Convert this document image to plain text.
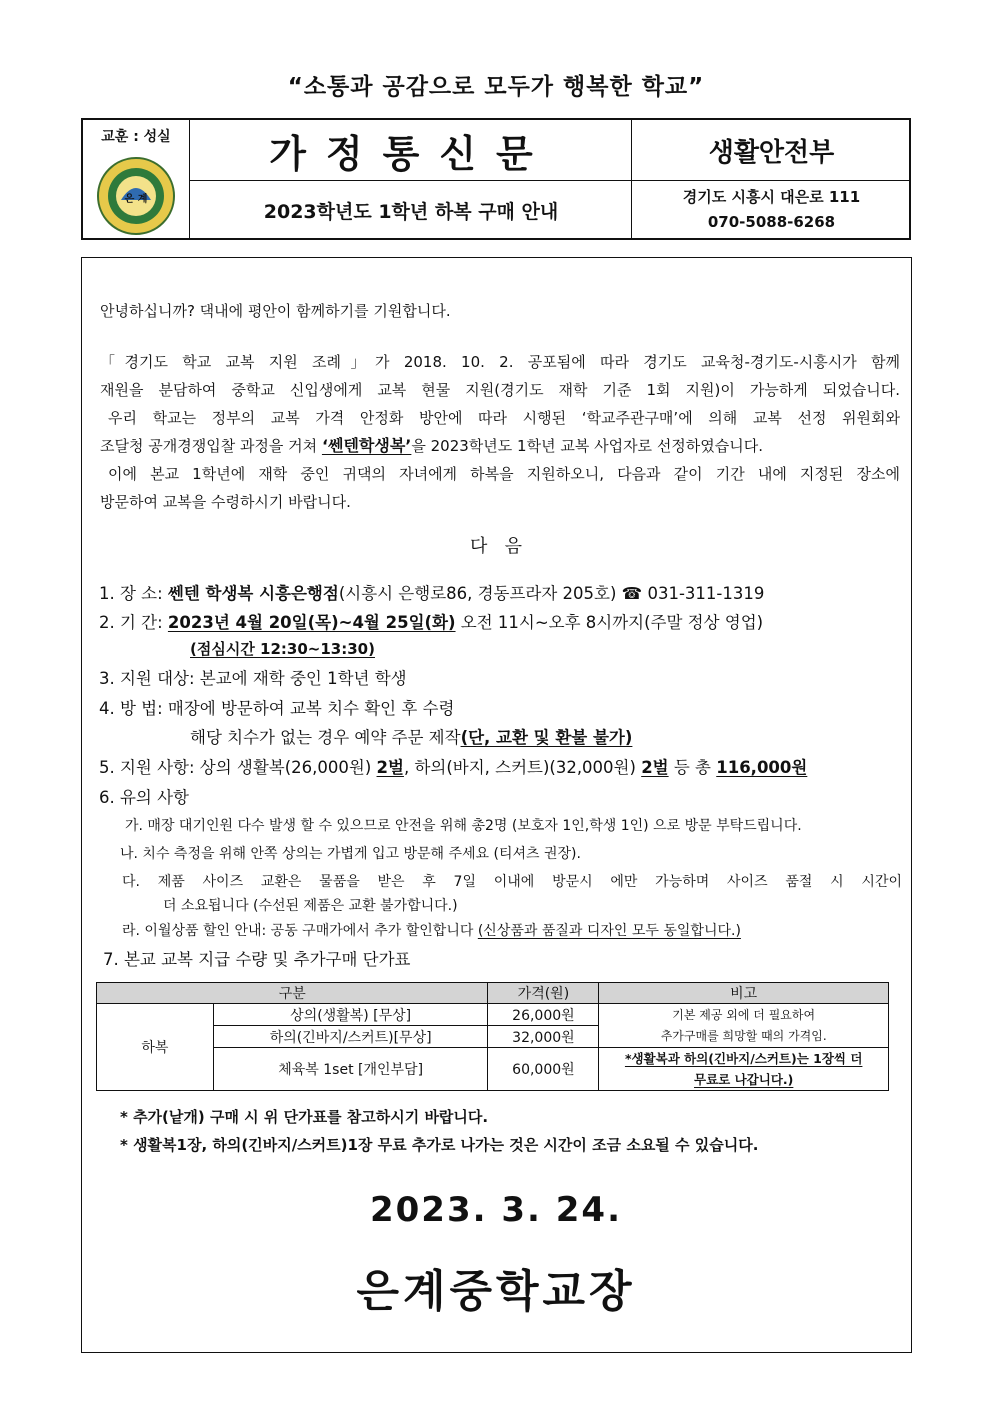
“소통과 공감으로 모두가 행복한 학교”
교훈 : 성실
은 계
가정통신문	생활안전부
2023학년도 1학년 하복 구매 안내
경기도 시흥시 대은로 111
070-5088-6268
안녕하십니까? 댁내에 평안이 함께하기를 기원합니다.
「경기도 학교 교복 지원 조례」가 2018. 10. 2. 공포됨에 따라 경기도 교육청-경기도-시흥시가 함께
재원을 분담하여 중학교 신입생에게 교복 현물 지원(경기도 재학 기준 1회 지원)이 가능하게 되었습니다.
우리 학교는 정부의 교복 가격 안정화 방안에 따라 시행된 ‘학교주관구매’에 의해 교복 선정 위원회와
조달청 공개경쟁입찰 과정을 거쳐 ‘쎈텐학생복’을 2023학년도 1학년 교복 사업자로 선정하였습니다.
이에 본교 1학년에 재학 중인 귀댁의 자녀에게 하복을 지원하오니, 다음과 같이 기간 내에 지정된 장소에
방문하여 교복을 수령하시기 바랍니다.
다   음
1. 장 소: 쎈텐 학생복 시흥은행점(시흥시 은행로86, 경동프라자 205호) ☎ 031-311-1319
2. 기 간: 2023년 4월 20일(목)~4월 25일(화) 오전 11시~오후 8시까지(주말 정상 영업)
(점심시간 12:30~13:30)
3. 지원 대상: 본교에 재학 중인 1학년 학생
4. 방 법: 매장에 방문하여 교복 치수 확인 후 수령
해당 치수가 없는 경우 예약 주문 제작(단, 교환 및 환불 불가)
5. 지원 사항: 상의 생활복(26,000원) 2벌, 하의(바지, 스커트)(32,000원) 2벌 등 총 116,000원
6. 유의 사항
가. 매장 대기인원 다수 발생 할 수 있으므로 안전을 위해 총2명 (보호자 1인,학생 1인) 으로 방문 부탁드립니다.
나. 치수 측정을 위해 안쪽 상의는 가볍게 입고 방문해 주세요 (티셔츠 권장).
다. 제품 사이즈 교환은 물품을 받은 후 7일 이내에 방문시 에만 가능하며 사이즈 품절 시 시간이
더 소요됩니다 (수선된 제품은 교환 불가합니다.)
라. 이월상품 할인 안내: 공동 구매가에서 추가 할인합니다 (신상품과 품질과 디자인 모두 동일합니다.)
7. 본교 교복 지급 수량 및 추가구매 단가표
구분		가격(원)	비고
하복	상의(생활복) [무상]	26,000원	기본 제공 외에 더 필요하여
추가구매를 희망할 때의 가격임.

	하의(긴바지/스커트)[무상]	32,000원	
	체육복 1set [개인부담]	60,000원	*생활복과 하의(긴바지/스커트)는 1장씩 더
무료로 나갑니다.)
* 추가(낱개) 구매 시 위 단가표를 참고하시기 바랍니다.
* 생활복1장, 하의(긴바지/스커트)1장 무료 추가로 나가는 것은 시간이 조금 소요될 수 있습니다.
2023. 3. 24.
은계중학교장
